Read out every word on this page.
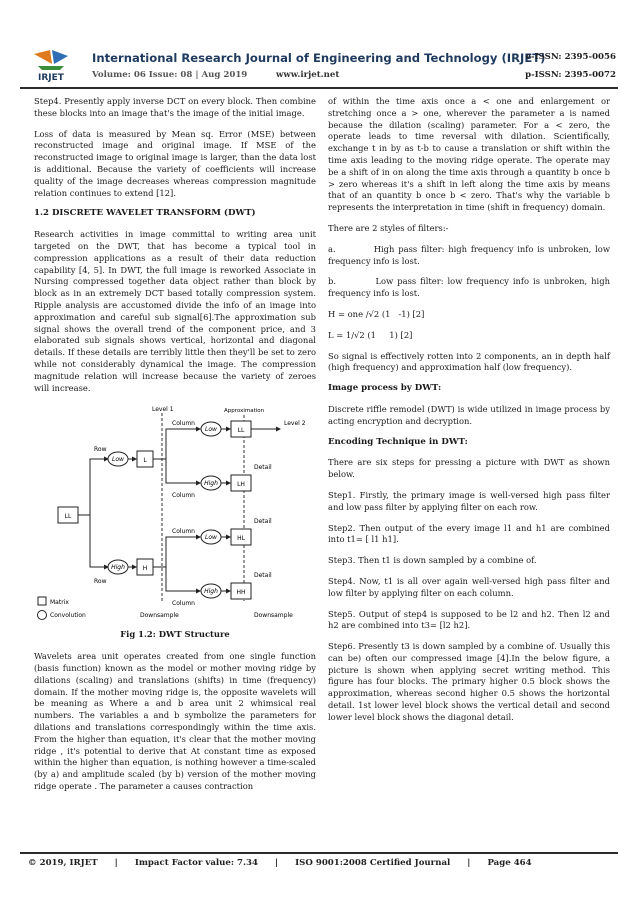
IRJET
International Research Journal of Engineering and Technology (IRJET)
Volume: 06 Issue: 08 | Aug 2019	www.irjet.net
e-ISSN: 2395-0056
p-ISSN: 2395-0072

Step4. Presently apply inverse DCT on every block. Then combine these blocks into an image that's the image of the initial image.

Loss of data is measured by Mean sq. Error (MSE) between reconstructed image and original image. If MSE of the reconstructed image to original image is larger, than the data lost is additional. Because the variety of coefficients will increase quality of the image decreases whereas compression magnitude relation continues to extend [12].

1.2 DISCRETE WAVELET TRANSFORM (DWT)

Research activities in image committal to writing area unit targeted on the DWT, that has become a typical tool in compression applications as a result of their data reduction capability [4, 5]. In DWT, the full image is reworked Associate in Nursing compressed together data object rather than block by block as in an extremely DCT based totally compression system. Ripple analysis are accustomed divide the info of an image into approximation and careful sub signal[6].The approximation sub signal shows the overall trend of the component price, and 3 elaborated sub signals shows vertical, horizontal and diagonal details. If these details are terribly little then they'll be set to zero while not considerably dynamical the image. The compression magnitude relation will increase because the variety of zeroes will increase.

Level 1	Approximation
Level 2
LL
Row
Row
Low
High
L
H
Column
Column
Column
Column
Low
High
Low
High
LL
LH
HL
HH
Detail
Detail
Detail
Matrix
Convolution	Downsample	Downsample
Fig 1.2: DWT Structure

Wavelets area unit operates created from one single function (basis function) known as the model or mother moving ridge by dilations (scaling) and translations (shifts) in time (frequency) domain. If the mother moving ridge is, the opposite wavelets will be meaning as Where a and b area unit 2 whimsical real numbers. The variables a and b symbolize the parameters for dilations and translations correspondingly within the time axis. From the higher than equation, it's clear that the mother moving ridge , it's potential to derive that At constant time as exposed within the higher than equation, is nothing however a time-scaled (by a) and amplitude scaled (by b) version of the mother moving ridge operate . The parameter a causes contraction

of within the time axis once a < one and enlargement or stretching once a > one, wherever the parameter a is named because the dilation (scaling) parameter. For a < zero, the operate leads to time reversal with dilation. Scientifically, exchange t in by as t-b to cause a translation or shift within the time axis leading to the moving ridge operate. The operate may be a shift of in on along the time axis through a quantity b once b > zero whereas it's a shift in left along the time axis by means that of an quantity b once b < zero. That's why the variable b represents the interpretation in time (shift in frequency) domain.

There are 2 styles of filters:-

a.          High pass filter: high frequency info is unbroken, low frequency info is lost.

b.          Low pass filter: low frequency info is unbroken, high frequency info is lost.

H = one /√2 (1   -1) [2]

L = 1/√2 (1     1) [2]

So signal is effectively rotten into 2 components, an in depth half (high frequency) and approximation half (low frequency).

Image process by DWT:

Discrete riffle remodel (DWT) is wide utilized in image process by acting encryption and decryption.

Encoding Technique in DWT:

There are six steps for pressing a picture with DWT as shown below.

Step1. Firstly, the primary image is well-versed high pass filter and low pass filter by applying filter on each row.

Step2. Then output of the every image l1 and h1 are combined into t1= [ l1 h1].

Step3. Then t1 is down sampled by a combine of.

Step4. Now, t1 is all over again well-versed high pass filter and low filter by applying filter on each column.

Step5. Output of step4 is supposed to be l2 and h2. Then l2 and h2 are combined into t3= [l2 h2].

Step6. Presently t3 is down sampled by a combine of. Usually this can be) often our compressed image [4].In the below figure, a picture is shown when applying secret writing method. This figure has four blocks. The primary higher 0.5 block shows the approximation, whereas second higher 0.5 shows the horizontal detail. 1st lower level block shows the vertical detail and second lower level block shows the diagonal detail.

© 2019, IRJET | Impact Factor value: 7.34 | ISO 9001:2008 Certified Journal | Page 464
